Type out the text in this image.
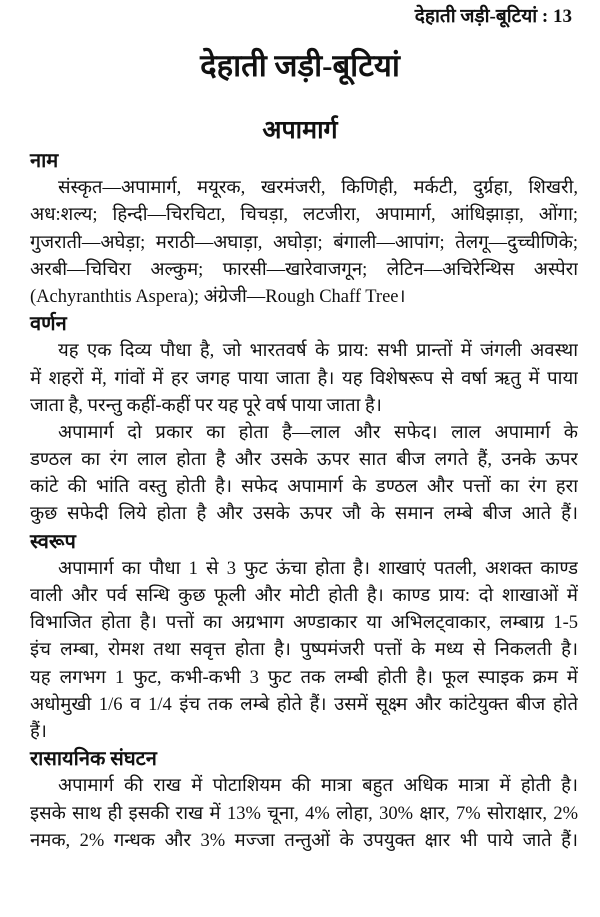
देहाती जड़ी-बूटियां : 13
देहाती जड़ी-बूटियां
अपामार्ग
नाम
संस्कृत—अपामार्ग, मयूरक, खरमंजरी, किणिही, मर्कटी, दुर्ग्रहा, शिखरी,
अध:शल्य; हिन्दी—चिरचिटा, चिचड़ा, लटजीरा, अपामार्ग, आंधिझाड़ा, ओंगा;
गुजराती—अघेड़ा; मराठी—अघाड़ा, अघोड़ा; बंगाली—आपांग; तेलगू—दुच्चीणिके;
अरबी—चिचिरा अल्कुम; फारसी—खारेवाजगून; लेटिन—अचिरेन्थिस अस्पेरा
(Achyranthtis Aspera); अंग्रेजी—Rough Chaff Tree।
वर्णन
यह एक दिव्य पौधा है, जो भारतवर्ष के प्राय: सभी प्रान्तों में जंगली अवस्था
में शहरों में, गांवों में हर जगह पाया जाता है। यह विशेषरूप से वर्षा ऋतु में पाया
जाता है, परन्तु कहीं-कहीं पर यह पूरे वर्ष पाया जाता है।
अपामार्ग दो प्रकार का होता है—लाल और सफेद। लाल अपामार्ग के
डण्ठल का रंग लाल होता है और उसके ऊपर सात बीज लगते हैं, उनके ऊपर
कांटे की भांति वस्तु होती है। सफेद अपामार्ग के डण्ठल और पत्तों का रंग हरा
कुछ सफेदी लिये होता है और उसके ऊपर जौ के समान लम्बे बीज आते हैं।
स्वरूप
अपामार्ग का पौधा 1 से 3 फुट ऊंचा होता है। शाखाएं पतली, अशक्त काण्ड
वाली और पर्व सन्धि कुछ फूली और मोटी होती है। काण्ड प्राय: दो शाखाओं में
विभाजित होता है। पत्तों का अग्रभाग अण्डाकार या अभिलट्वाकार, लम्बाग्र 1-5
इंच लम्बा, रोमश तथा सवृत्त होता है। पुष्पमंजरी पत्तों के मध्य से निकलती है।
यह लगभग 1 फुट, कभी-कभी 3 फुट तक लम्बी होती है। फूल स्पाइक क्रम में
अधोमुखी 1/6 व 1/4 इंच तक लम्बे होते हैं। उसमें सूक्ष्म और कांटेयुक्त बीज होते
हैं।
रासायनिक संघटन
अपामार्ग की राख में पोटाशियम की मात्रा बहुत अधिक मात्रा में होती है।
इसके साथ ही इसकी राख में 13% चूना, 4% लोहा, 30% क्षार, 7% सोराक्षार, 2%
नमक, 2% गन्धक और 3% मज्जा तन्तुओं के उपयुक्त क्षार भी पाये जाते हैं।
